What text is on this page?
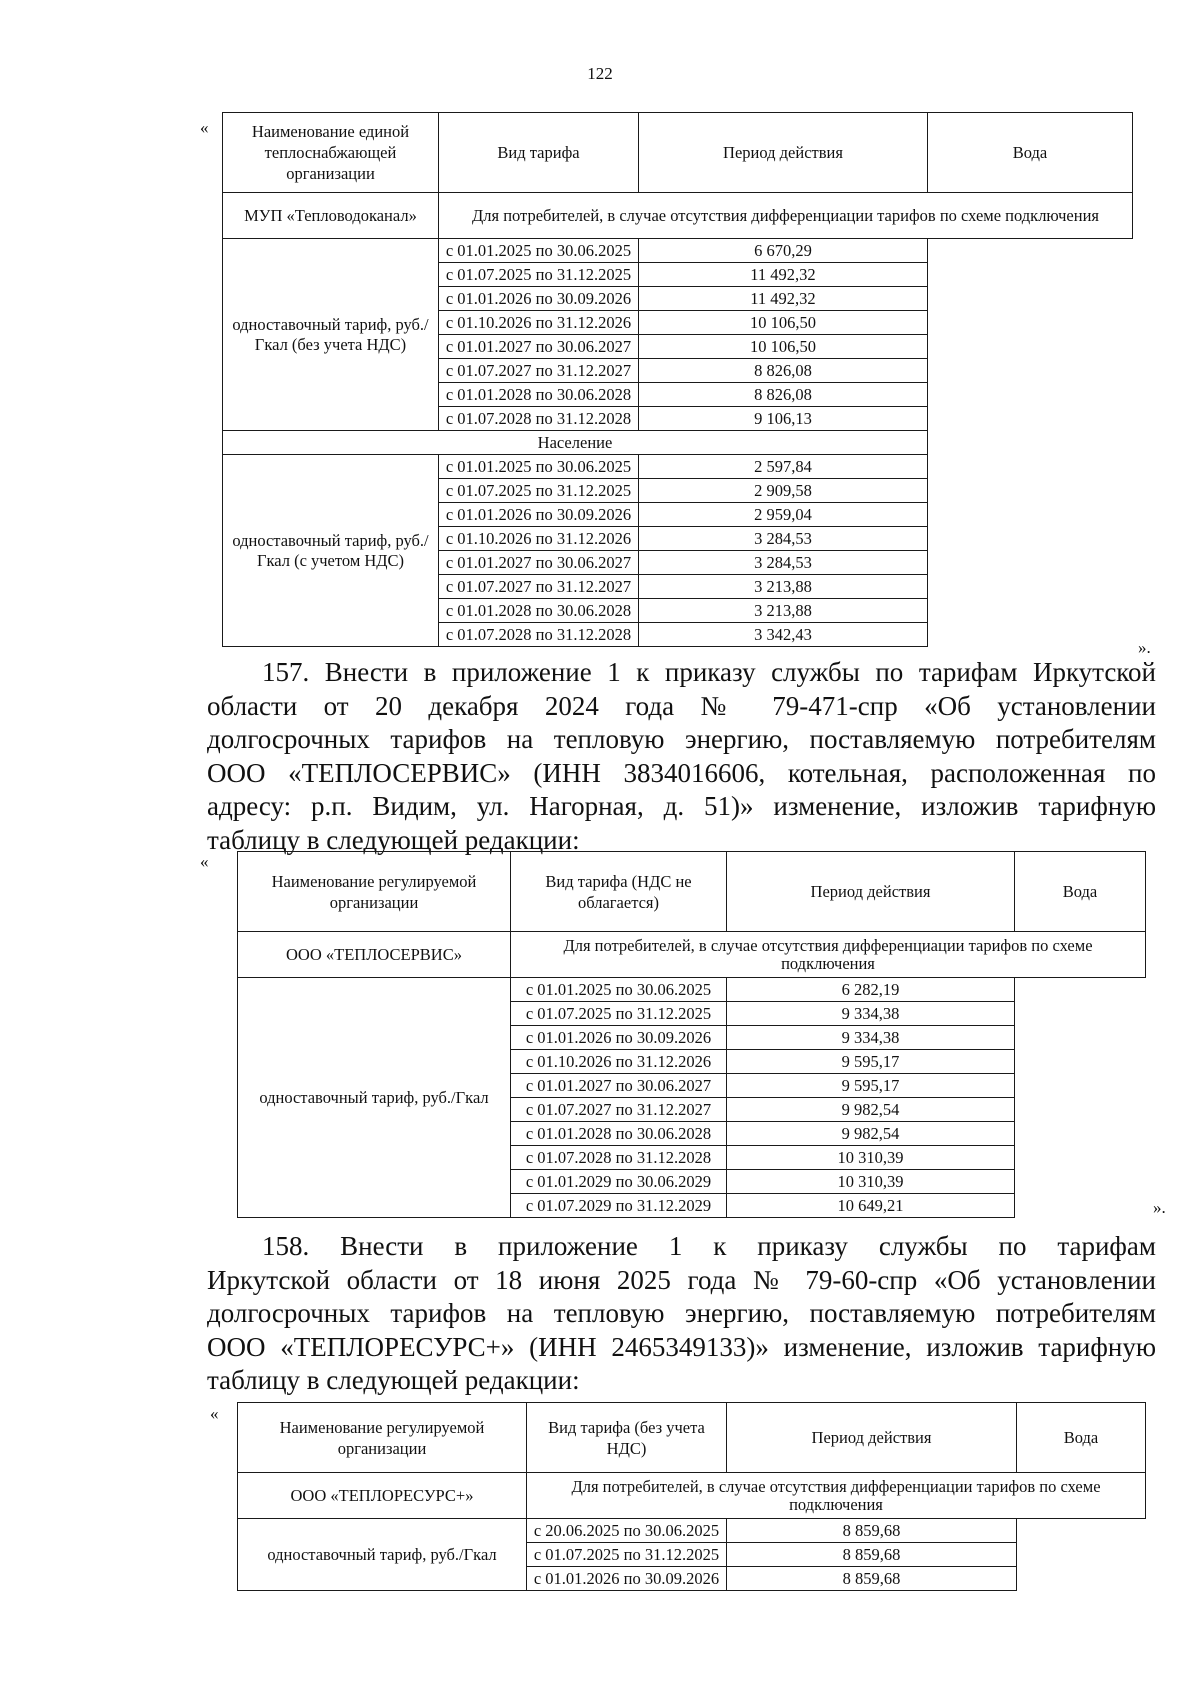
122
«	Наименование единой теплоснабжающей организации	Вид тарифа	Период действия	Вода
МУП «Тепловодоканал»	Для потребителей, в случае отсутствия дифференциации тарифов по схеме подключения		
одноставочный тариф, руб./Гкал (без учета НДС)	с 01.01.2025 по 30.06.2025	6 670,29	
	с 01.07.2025 по 31.12.2025	11 492,32	
	с 01.01.2026 по 30.09.2026	11 492,32	
	с 01.10.2026 по 31.12.2026	10 106,50	
	с 01.01.2027 по 30.06.2027	10 106,50	
	с 01.07.2027 по 31.12.2027	8 826,08	
	с 01.01.2028 по 30.06.2028	8 826,08	
	с 01.07.2028 по 31.12.2028	9 106,13	
Население			
одноставочный тариф, руб./Гкал (с учетом НДС)	с 01.01.2025 по 30.06.2025	2 597,84	
	с 01.07.2025 по 31.12.2025	2 909,58	
	с 01.01.2026 по 30.09.2026	2 959,04	
	с 01.10.2026 по 31.12.2026	3 284,53	
	с 01.01.2027 по 30.06.2027	3 284,53	
	с 01.07.2027 по 31.12.2027	3 213,88	
	с 01.01.2028 по 30.06.2028	3 213,88	
	с 01.07.2028 по 31.12.2028	3 342,43	
».
157. Внести в приложение 1 к приказу службы по тарифам Иркутской
области от 20 декабря 2024 года № 79-471-спр «Об установлении
долгосрочных тарифов на тепловую энергию, поставляемую потребителям
ООО «ТЕПЛОСЕРВИС» (ИНН 3834016606, котельная, расположенная по
адресу: р.п. Видим, ул. Нагорная, д. 51)» изменение, изложив тарифную
таблицу в следующей редакции:
«
Наименование регулируемой организации	Вид тарифа (НДС не облагается)	Период действия	Вода
ООО «ТЕПЛОСЕРВИС»	Для потребителей, в случае отсутствия дифференциации тарифов по схеме подключения		
одноставочный тариф, руб./Гкал	с 01.01.2025 по 30.06.2025	6 282,19	
	с 01.07.2025 по 31.12.2025	9 334,38	
	с 01.01.2026 по 30.09.2026	9 334,38	
	с 01.10.2026 по 31.12.2026	9 595,17	
	с 01.01.2027 по 30.06.2027	9 595,17	
	с 01.07.2027 по 31.12.2027	9 982,54	
	с 01.01.2028 по 30.06.2028	9 982,54	
	с 01.07.2028 по 31.12.2028	10 310,39	
	с 01.01.2029 по 30.06.2029	10 310,39	
	с 01.07.2029 по 31.12.2029	10 649,21		».
158. Внести в приложение 1 к приказу службы по тарифам
Иркутской области от 18 июня 2025 года № 79-60-спр «Об установлении
долгосрочных тарифов на тепловую энергию, поставляемую потребителям
ООО «ТЕПЛОРЕСУРС+» (ИНН 2465349133)» изменение, изложив тарифную
таблицу в следующей редакции:
«
Наименование регулируемой организации	Вид тарифа (без учета НДС)	Период действия	Вода
ООО «ТЕПЛОРЕСУРС+»	Для потребителей, в случае отсутствия дифференциации тарифов по схеме подключения		
одноставочный тариф, руб./Гкал	с 20.06.2025 по 30.06.2025	8 859,68	
	с 01.07.2025 по 31.12.2025	8 859,68	
	с 01.01.2026 по 30.09.2026	8 859,68	
